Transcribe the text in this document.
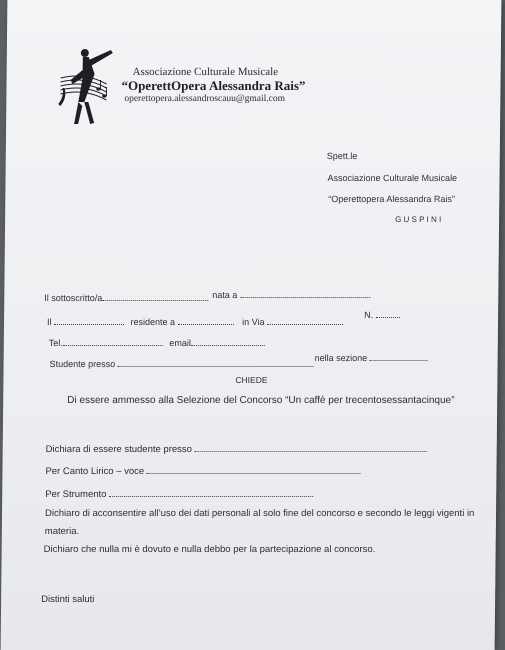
Associazione Culturale Musicale
“OperettOpera Alessandra Rais”
operettopera.alessandroscauu@gmail.com
Spett.le
Associazione Culturale Musicale
“Operettopera Alessandra Rais”
G U S P I N I
Il sottoscritto/a	nata a
Il	residente a	in Via
N.
Tel.	email
Studente presso
nella sezione
CHIEDE
Di essere ammesso alla Selezione del Concorso “Un caffè per trecentosessantacinque”
Dichiara di essere studente presso
Per Canto Lirico – voce
Per Strumento
Dichiaro di acconsentire all’uso dei dati personali al solo fine del concorso e secondo le leggi vigenti in
materia.
Dichiaro che nulla mi è dovuto e nulla debbo per la partecipazione al concorso.
Distinti saluti
